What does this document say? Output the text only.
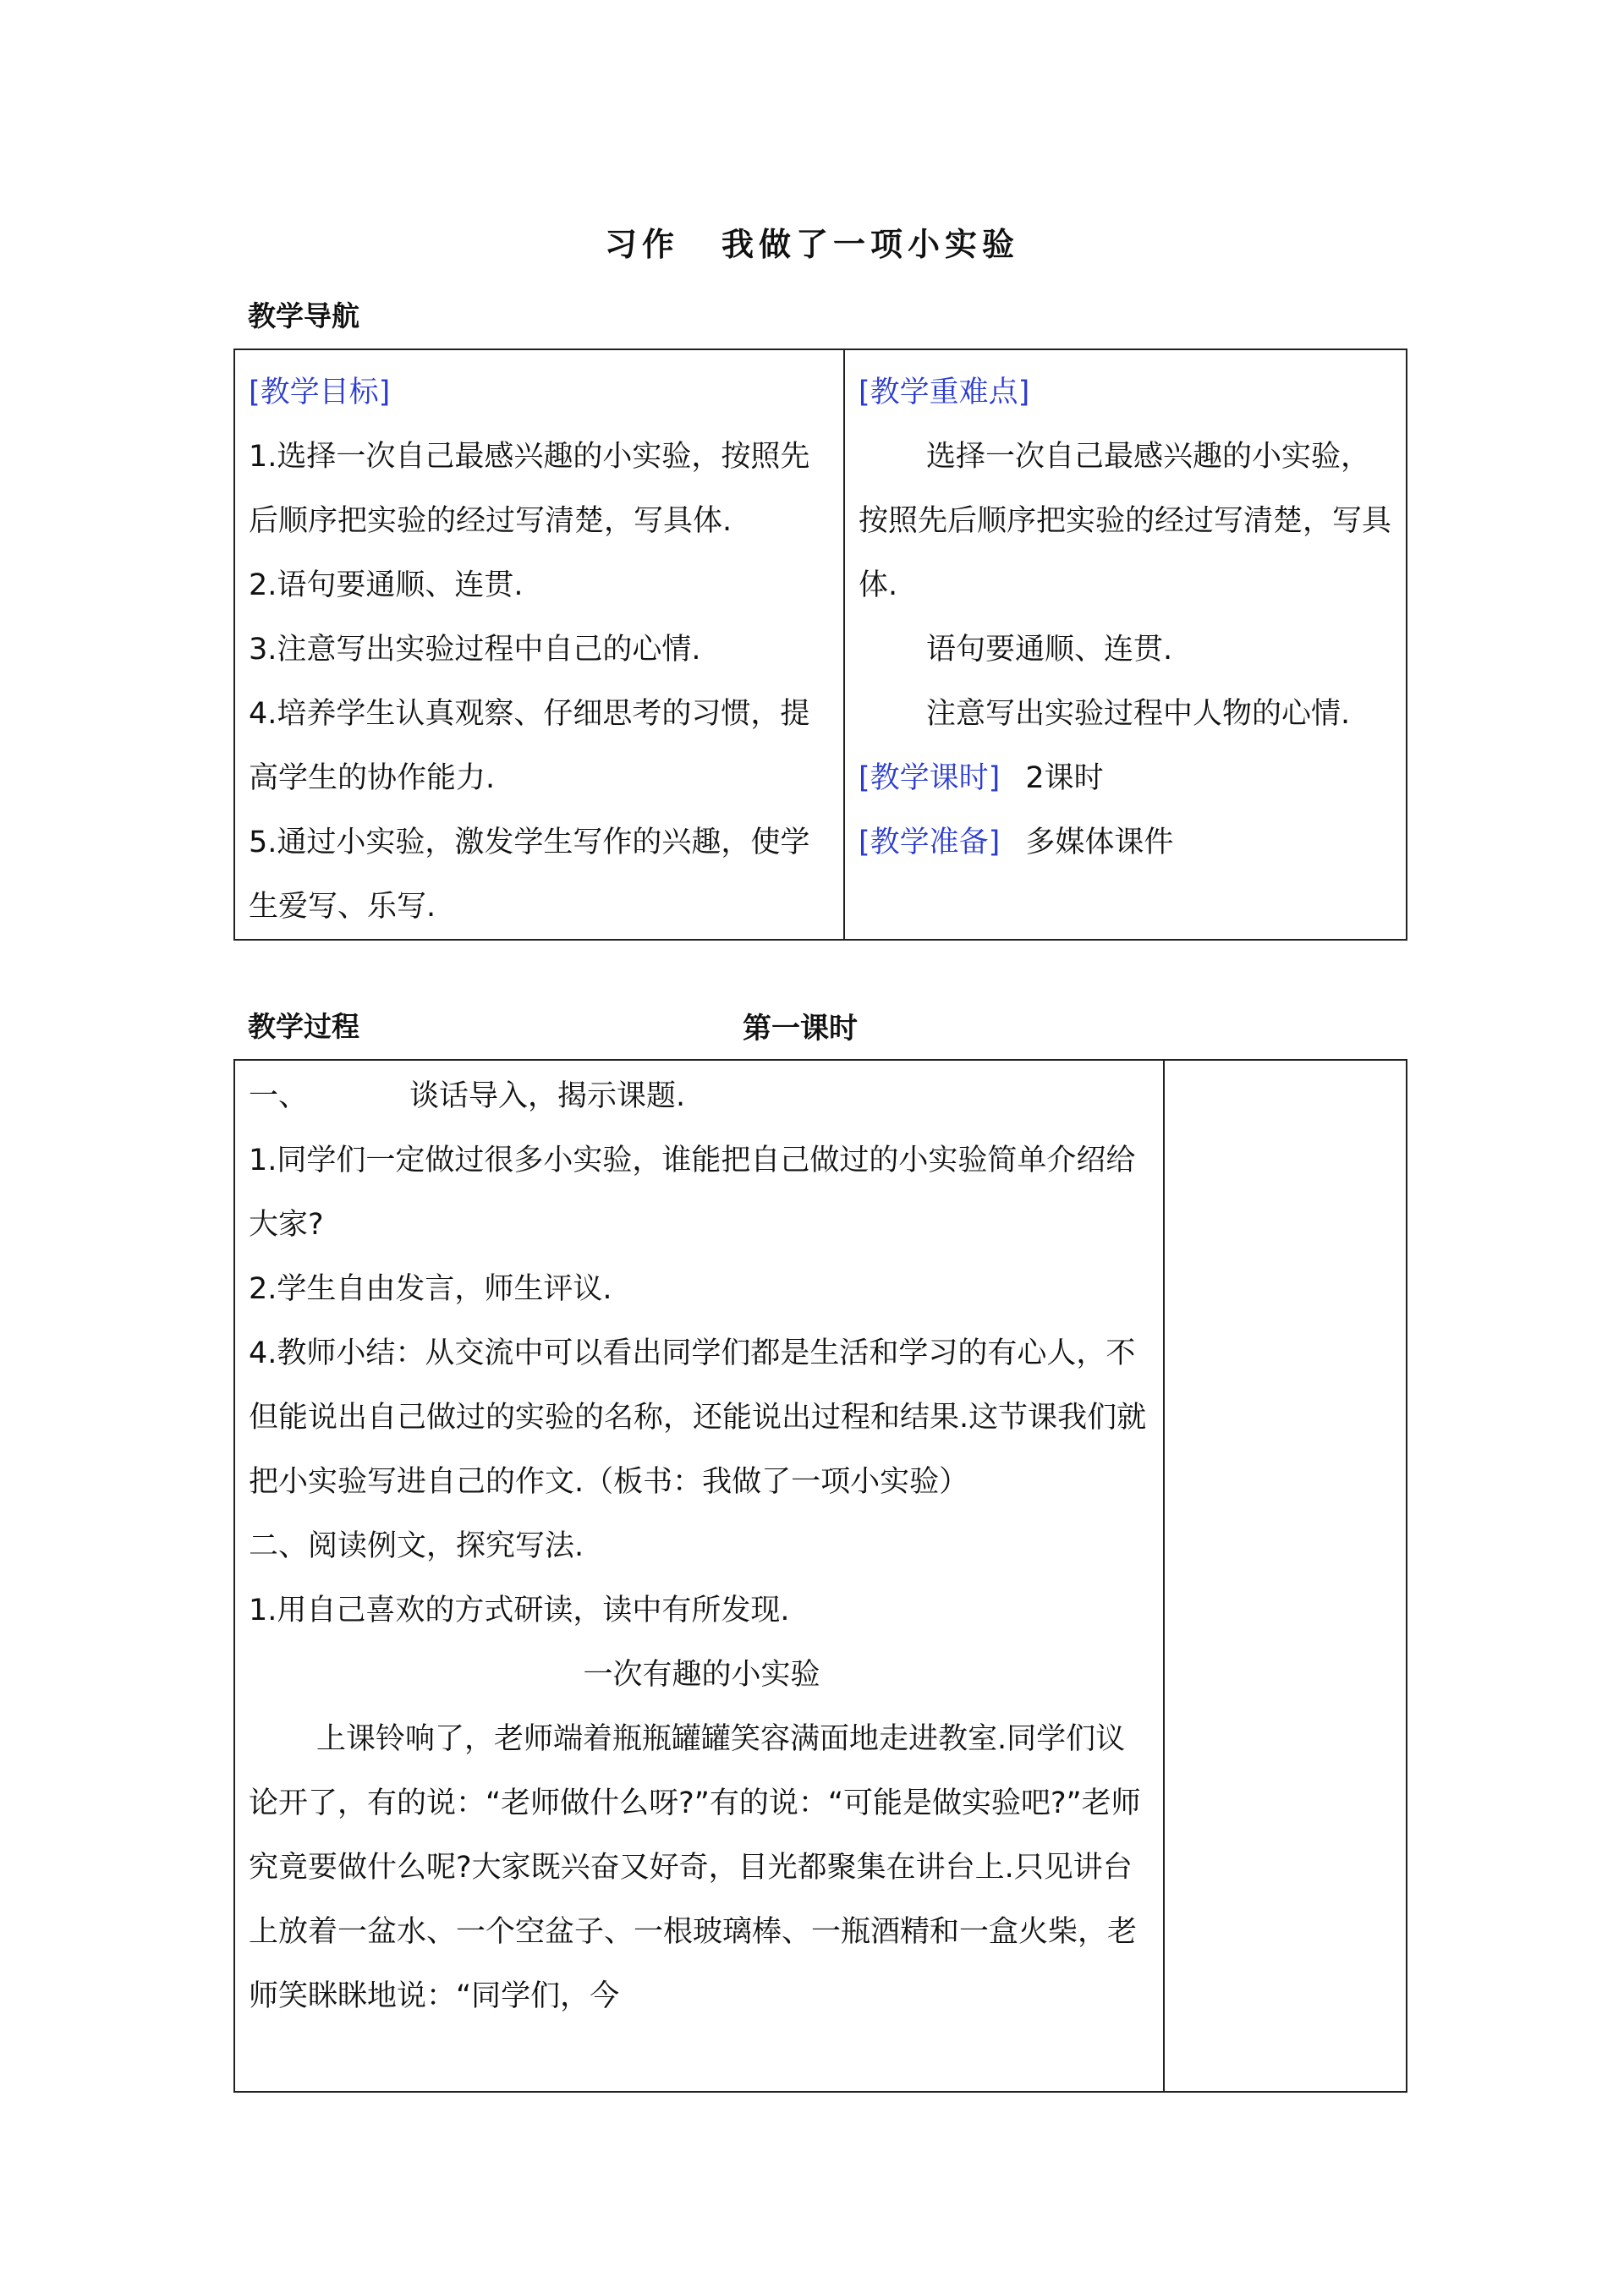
习作 我做了一项小实验
教学导航

[教学目标]

1.选择一次自己最感兴趣的小实验，按照先后顺序把实验的经过写清楚，写具体.

2.语句要通顺、连贯.

3.注意写出实验过程中自己的心情.

4.培养学生认真观察、仔细思考的习惯，提高学生的协作能力.

5.通过小实验，激发学生写作的兴趣，使学生爱写、乐写.

[教学重难点]

选择一次自己最感兴趣的小实验，按照先后顺序把实验的经过写清楚，写具体.

语句要通顺、连贯.

注意写出实验过程中人物的心情.

[教学课时] 2课时

[教学准备] 多媒体课件

教学过程	第一课时

一、	谈话导入，揭示课题.

1.同学们一定做过很多小实验，谁能把自己做过的小实验简单介绍给大家?

2.学生自由发言，师生评议.

4.教师小结：从交流中可以看出同学们都是生活和学习的有心人，不但能说出自己做过的实验的名称，还能说出过程和结果.这节课我们就把小实验写进自己的作文.（板书：我做了一项小实验）

二、阅读例文，探究写法.

1.用自己喜欢的方式研读，读中有所发现.

一次有趣的小实验

上课铃响了，老师端着瓶瓶罐罐笑容满面地走进教室.同学们议论开了，有的说：“老师做什么呀?”有的说：“可能是做实验吧?”老师究竟要做什么呢?大家既兴奋又好奇，目光都聚集在讲台上.只见讲台上放着一盆水、一个空盆子、一根玻璃棒、一瓶酒精和一盒火柴，老师笑眯眯地说：“同学们，今
